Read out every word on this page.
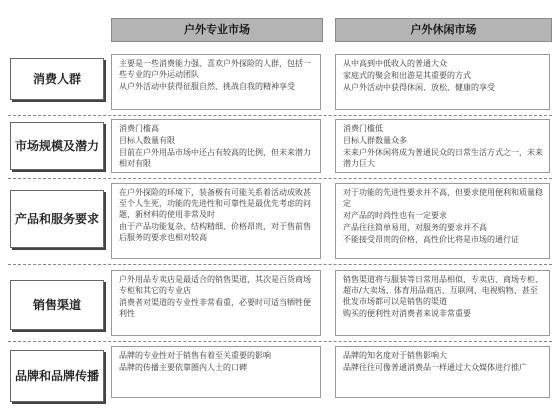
户外专业市场	户外休闲市场
消费人群

主要是一些消费能力强、喜欢户外探险的人群，包括一些专业的户外运动团队

从户外活动中获得征服自然、挑战自我的精神享受

从中高到中低收入的普通大众

家庭式的聚会和出游是其重要的方式

从户外活动中获得休闲、放松、健康的享受

市场规模及潜力

消费门槛高

目标人数量有限

目前在户外用品市场中还占有较高的比例，但未来潜力相对有限

消费门槛低

目标人群数量众多

未来户外休闲将成为普通民众的日常生活方式之一，未来潜力巨大

产品和服务要求

在户外探险的环境下，装备极有可能关系着活动成败甚至个人生死，功能的先进性和可靠性是最优先考虑的问题，新材料的使用非常及时

由于产品功能复杂、结构精细、价格昂贵，对于售前售后服务的要求也相对较高

对于功能的先进性要求并不高，但要求使用便利和质量稳定

对产品的时尚性也有一定要求

产品往往简单易用，对服务的要求并不高

不能接受昂贵的价格，高性价比将是市场的通行证

销售渠道

户外用品专卖店是最适合的销售渠道，其次是百货商场专柜和其它的专业店

消费者对渠道的专业性非常看重，必要时可适当牺牲便利性

销售渠道将与服装等日常用品相似，专卖店、商场专柜、超市/大卖场、体育用品商店、互联网、电视购物、甚至批发市场都可以是销售的渠道

购买的便利性对消费者来说非常重要

品牌和品牌传播

品牌的专业性对于销售有着至关重要的影响

品牌的传播主要依靠圈内人士的口碑

品牌的知名度对于销售影响大

品牌往往可像普通消费品一样通过大众媒体进行推广
